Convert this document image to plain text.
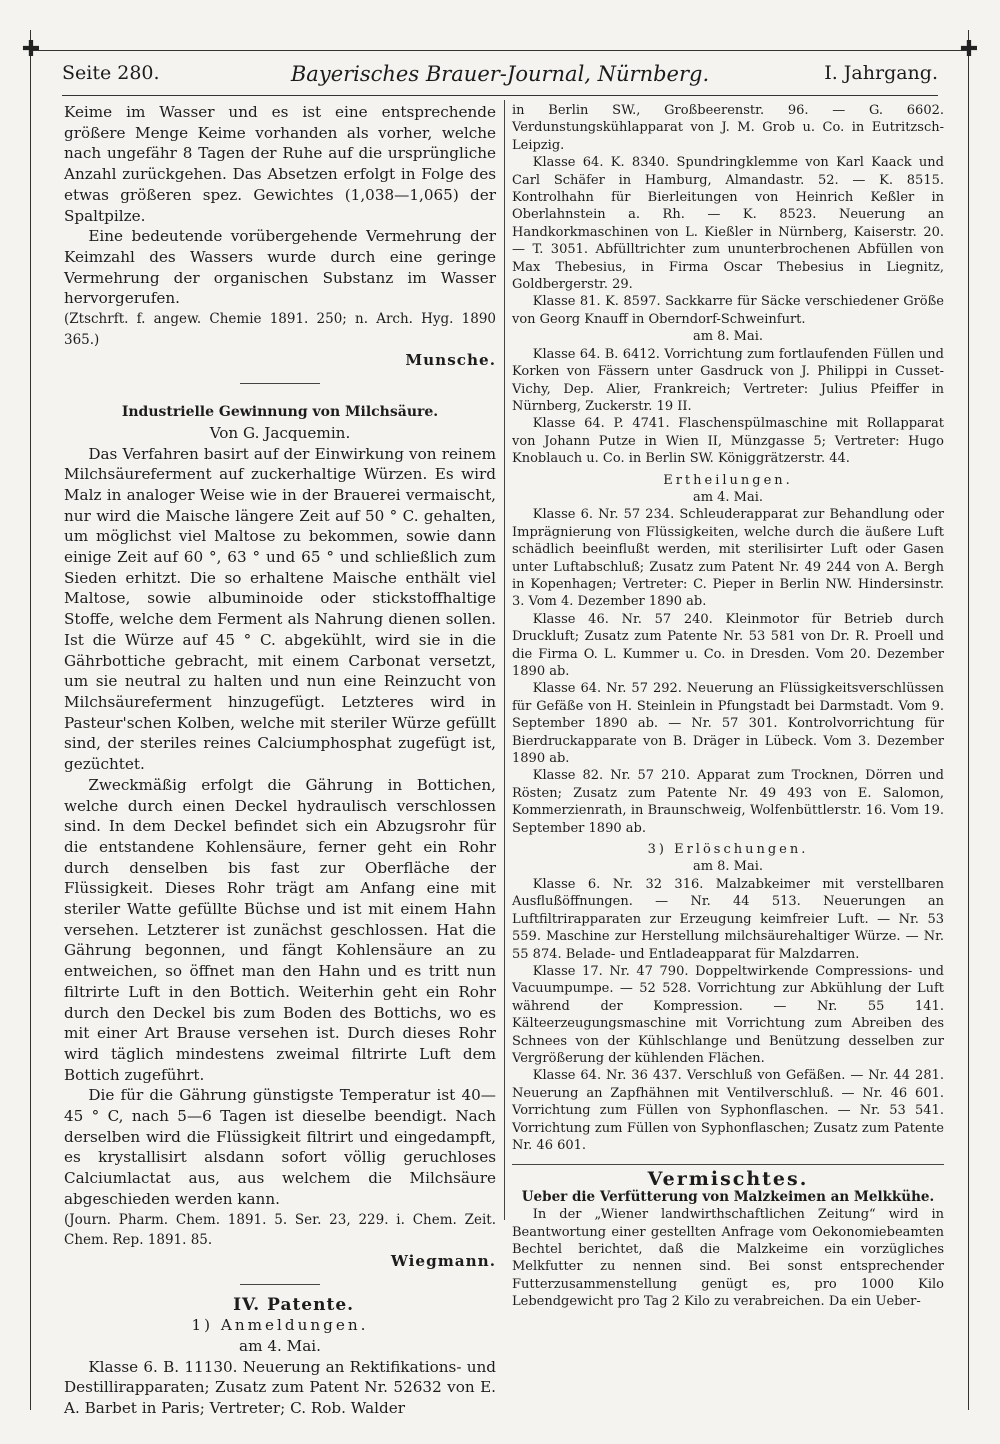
✚	✚
Seite 280.	Bayerisches Brauer-Journal, Nürnberg.	I. Jahrgang.

Keime im Wasser und es ist eine entsprechende größere Menge Keime vorhanden als vorher, welche nach ungefähr 8 Tagen der Ruhe auf die ursprüngliche Anzahl zurückgehen. Das Absetzen erfolgt in Folge des etwas größeren spez. Gewichtes (1,038—1,065) der Spaltpilze.

Eine bedeutende vorübergehende Vermehrung der Keimzahl des Wassers wurde durch eine geringe Vermehrung der organischen Substanz im Wasser hervorgerufen.

(Ztschrft. f. angew. Chemie 1891. 250; n. Arch. Hyg. 1890 365.)

Munsche.

Industrielle Gewinnung von Milchsäure.

Von G. Jacquemin.

Das Verfahren basirt auf der Einwirkung von reinem Milchsäureferment auf zuckerhaltige Würzen. Es wird Malz in analoger Weise wie in der Brauerei vermaischt, nur wird die Maische längere Zeit auf 50 ° C. gehalten, um möglichst viel Maltose zu bekommen, sowie dann einige Zeit auf 60 °, 63 ° und 65 ° und schließlich zum Sieden erhitzt. Die so erhaltene Maische enthält viel Maltose, sowie albuminoide oder stickstoffhaltige Stoffe, welche dem Ferment als Nahrung dienen sollen. Ist die Würze auf 45 ° C. abgekühlt, wird sie in die Gährbottiche gebracht, mit einem Carbonat versetzt, um sie neutral zu halten und nun eine Reinzucht von Milchsäureferment hinzugefügt. Letzteres wird in Pasteur'schen Kolben, welche mit steriler Würze gefüllt sind, der steriles reines Calciumphosphat zugefügt ist, gezüchtet.

Zweckmäßig erfolgt die Gährung in Bottichen, welche durch einen Deckel hydraulisch verschlossen sind. In dem Deckel befindet sich ein Abzugsrohr für die entstandene Kohlensäure, ferner geht ein Rohr durch denselben bis fast zur Oberfläche der Flüssigkeit. Dieses Rohr trägt am Anfang eine mit steriler Watte gefüllte Büchse und ist mit einem Hahn versehen. Letzterer ist zunächst geschlossen. Hat die Gährung begonnen, und fängt Kohlensäure an zu entweichen, so öffnet man den Hahn und es tritt nun filtrirte Luft in den Bottich. Weiterhin geht ein Rohr durch den Deckel bis zum Boden des Bottichs, wo es mit einer Art Brause versehen ist. Durch dieses Rohr wird täglich mindestens zweimal filtrirte Luft dem Bottich zugeführt.

Die für die Gährung günstigste Temperatur ist 40—45 ° C, nach 5—6 Tagen ist dieselbe beendigt. Nach derselben wird die Flüssigkeit filtrirt und eingedampft, es krystallisirt alsdann sofort völlig geruchloses Calciumlactat aus, aus welchem die Milchsäure abgeschieden werden kann.

(Journ. Pharm. Chem. 1891. 5. Ser. 23, 229. i. Chem. Zeit. Chem. Rep. 1891. 85.

Wiegmann.

IV. Patente.

1) Anmeldungen.

am 4. Mai.

Klasse 6. B. 11130. Neuerung an Rektifikations- und Destillirapparaten; Zusatz zum Patent Nr. 52632 von E. A. Barbet in Paris; Vertreter; C. Rob. Walder

in Berlin SW., Großbeerenstr. 96. — G. 6602. Verdunstungskühlapparat von J. M. Grob u. Co. in Eutritzsch-Leipzig.

Klasse 64. K. 8340. Spundringklemme von Karl Kaack und Carl Schäfer in Hamburg, Almandastr. 52. — K. 8515. Kontrolhahn für Bierleitungen von Heinrich Keßler in Oberlahnstein a. Rh. — K. 8523. Neuerung an Handkorkmaschinen von L. Kießler in Nürnberg, Kaiserstr. 20. — T. 3051. Abfülltrichter zum ununterbrochenen Abfüllen von Max Thebesius, in Firma Oscar Thebesius in Liegnitz, Goldbergerstr. 29.

Klasse 81. K. 8597. Sackkarre für Säcke verschiedener Größe von Georg Knauff in Oberndorf-Schweinfurt.

am 8. Mai.

Klasse 64. B. 6412. Vorrichtung zum fortlaufenden Füllen und Korken von Fässern unter Gasdruck von J. Philippi in Cusset-Vichy, Dep. Alier, Frankreich; Vertreter: Julius Pfeiffer in Nürnberg, Zuckerstr. 19 II.

Klasse 64. P. 4741. Flaschenspülmaschine mit Rollapparat von Johann Putze in Wien II, Münzgasse 5; Vertreter: Hugo Knoblauch u. Co. in Berlin SW. Königgrätzerstr. 44.

Ertheilungen.

am 4. Mai.

Klasse 6. Nr. 57 234. Schleuderapparat zur Behandlung oder Imprägnierung von Flüssigkeiten, welche durch die äußere Luft schädlich beeinflußt werden, mit sterilisirter Luft oder Gasen unter Luftabschluß; Zusatz zum Patent Nr. 49 244 von A. Bergh in Kopenhagen; Vertreter: C. Pieper in Berlin NW. Hindersinstr. 3. Vom 4. Dezember 1890 ab.

Klasse 46. Nr. 57 240. Kleinmotor für Betrieb durch Druckluft; Zusatz zum Patente Nr. 53 581 von Dr. R. Proell und die Firma O. L. Kummer u. Co. in Dresden. Vom 20. Dezember 1890 ab.

Klasse 64. Nr. 57 292. Neuerung an Flüssigkeitsverschlüssen für Gefäße von H. Steinlein in Pfungstadt bei Darmstadt. Vom 9. September 1890 ab. — Nr. 57 301. Kontrolvorrichtung für Bierdruckapparate von B. Dräger in Lübeck. Vom 3. Dezember 1890 ab.

Klasse 82. Nr. 57 210. Apparat zum Trocknen, Dörren und Rösten; Zusatz zum Patente Nr. 49 493 von E. Salomon, Kommerzienrath, in Braunschweig, Wolfenbüttlerstr. 16. Vom 19. September 1890 ab.

3) Erlöschungen.

am 8. Mai.

Klasse 6. Nr. 32 316. Malzabkeimer mit verstellbaren Ausflußöffnungen. — Nr. 44 513. Neuerungen an Luftfiltrirapparaten zur Erzeugung keimfreier Luft. — Nr. 53 559. Maschine zur Herstellung milchsäurehaltiger Würze. — Nr. 55 874. Belade- und Entladeapparat für Malzdarren.

Klasse 17. Nr. 47 790. Doppeltwirkende Compressions- und Vacuumpumpe. — 52 528. Vorrichtung zur Abkühlung der Luft während der Kompression. — Nr. 55 141. Kälteerzeugungsmaschine mit Vorrichtung zum Abreiben des Schnees von der Kühlschlange und Benützung desselben zur Vergrößerung der kühlenden Flächen.

Klasse 64. Nr. 36 437. Verschluß von Gefäßen. — Nr. 44 281. Neuerung an Zapfhähnen mit Ventilverschluß. — Nr. 46 601. Vorrichtung zum Füllen von Syphonflaschen. — Nr. 53 541. Vorrichtung zum Füllen von Syphonflaschen; Zusatz zum Patente Nr. 46 601.

Vermischtes.

Ueber die Verfütterung von Malzkeimen an Melkkühe.

In der „Wiener landwirthschaftlichen Zeitung“ wird in Beantwortung einer gestellten Anfrage vom Oekonomiebeamten Bechtel berichtet, daß die Malzkeime ein vorzügliches Melkfutter zu nennen sind. Bei sonst entsprechender Futterzusammenstellung genügt es, pro 1000 Kilo Lebendgewicht pro Tag 2 Kilo zu verabreichen. Da ein Ueber-
